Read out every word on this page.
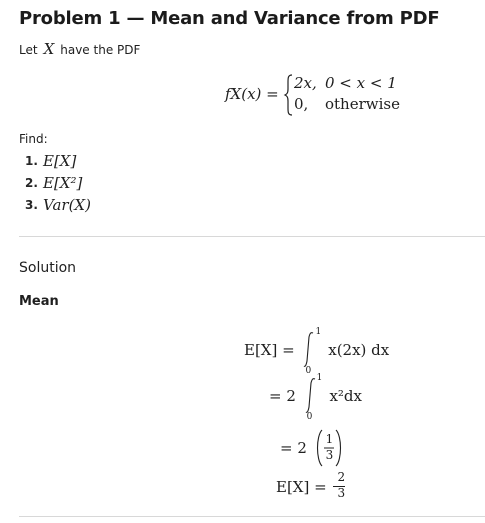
Problem 1 — Mean and Variance from PDF
Let X have the PDF
fX(x) =
2x, 0 < x < 1
0, otherwise
Find:
1. E[X]
2. E[X²]
3. Var(X)
Solution
Mean
E[X] =
1
0
x(2x) dx
= 2
1
0
x²dx
= 2 1
3
$E[X] = \frac{2}{3}$
